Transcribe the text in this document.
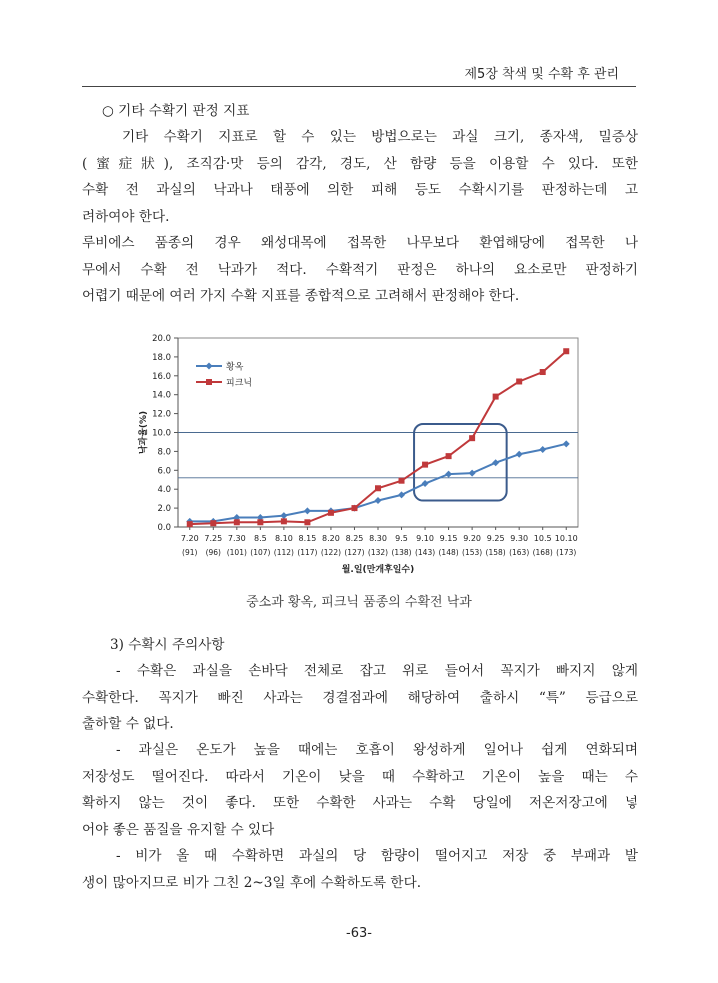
제5장 착색 및 수확 후 관리
○ 기타 수확기 판정 지표
기타 수확기 지표로 할 수 있는 방법으로는 과실 크기, 종자색, 밀증상
(蜜症狀), 조직감·맛 등의 감각, 경도, 산 함량 등을 이용할 수 있다. 또한
수확 전 과실의 낙과나 태풍에 의한 피해 등도 수확시기를 판정하는데 고
려하여야 한다.
루비에스 품종의 경우 왜성대목에 접목한 나무보다 환엽해당에 접목한 나
무에서 수확 전 낙과가 적다. 수확적기 판정은 하나의 요소로만 판정하기
어렵기 때문에 여러 가지 수확 지표를 종합적으로 고려해서 판정해야 한다.
0.0
2.0
4.0
6.0
8.0
10.0
12.0
14.0
16.0
18.0
20.0
7.20
(91)
7.25
(96)
7.30
(101)
8.5
(107)
8.10
(112)
8.15
(117)
8.20
(122)
8.25
(127)
8.30
(132)
9.5
(138)
9.10
(143)
9.15
(148)
9.20
(153)
9.25
(158)
9.30
(163)
10.5
(168)
10.10
(173)
황옥
피크닉
낙과율(%)
월.일(만개후일수)
중소과 황옥, 피크닉 품종의 수확전 낙과
3) 수확시 주의사항
- 수확은 과실을 손바닥 전체로 잡고 위로 들어서 꼭지가 빠지지 않게
수확한다. 꼭지가 빠진 사과는 경결점과에 해당하여 출하시 “특” 등급으로
출하할 수 없다.
- 과실은 온도가 높을 때에는 호흡이 왕성하게 일어나 쉽게 연화되며
저장성도 떨어진다. 따라서 기온이 낮을 때 수확하고 기온이 높을 때는 수
확하지 않는 것이 좋다. 또한 수확한 사과는 수확 당일에 저온저장고에 넣
어야 좋은 품질을 유지할 수 있다
- 비가 올 때 수확하면 과실의 당 함량이 떨어지고 저장 중 부패과 발
생이 많아지므로 비가 그친 2~3일 후에 수확하도록 한다.
-63-
